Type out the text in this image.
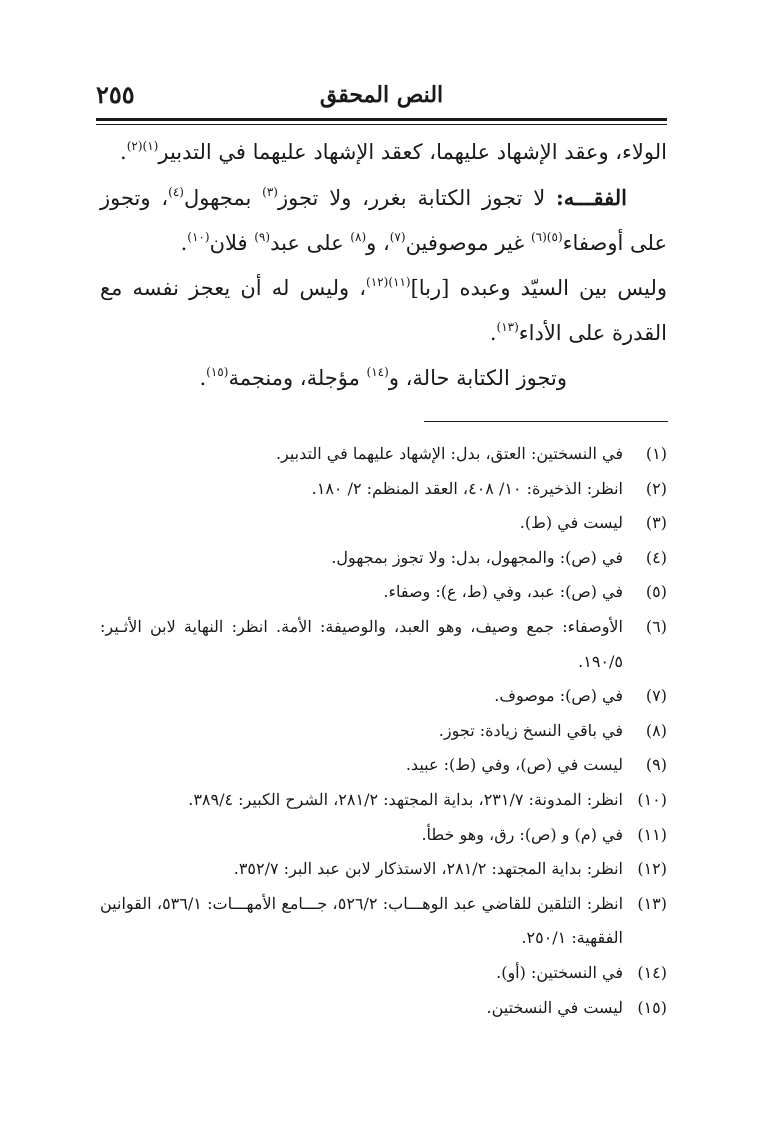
النص المحقق
٢٥٥

الولاء، وعقد الإشهاد عليهما، كعقد الإشهاد عليهما في التدبير$^{(١)(٢)}$.

الفقـــه: لا تجوز الكتابة بغرر، ولا تجوز$^{(٣)}$ بمجهول$^{(٤)}$، وتجوز على أوصفاء$^{(٥)(٦)}$ غير موصوفين$^{(٧)}$، و$^{(٨)}$ على عبد$^{(٩)}$ فلان$^{(١٠)}$.

وليس بين السيّد وعبده [ربا]$^{(١١)(١٢)}$، وليس له أن يعجز نفسه مع القدرة على الأداء$^{(١٣)}$.

وتجوز الكتابة حالة، و$^{(١٤)}$ مؤجلة، ومنجمة$^{(١٥)}$.

(١)
في النسختين: العتق، بدل: الإشهاد عليهما في التدبير.
(٢)
انظر: الذخيرة: ١٠/ ٤٠٨، العقد المنظم: ٢/ ١٨٠.
(٣)
ليست في (ط).
(٤)
في (ص): والمجهول، بدل: ولا تجوز بمجهول.
(٥)
في (ص): عبد، وفي (ط، ع): وصفاء.
(٦)
الأوصفاء: جمع وصيف، وهو العبد، والوصيفة: الأمة. انظر: النهاية لابن الأثـير: ١٩٠/٥.
(٧)
في (ص): موصوف.
(٨)
في باقي النسخ زيادة: تجوز.
(٩)
ليست في (ص)، وفي (ط): عبيد.
(١٠)
انظر: المدونة: ٢٣١/٧، بداية المجتهد: ٢٨١/٢، الشرح الكبير: ٣٨٩/٤.
(١١)
في (م) و (ص): رق، وهو خطأ.
(١٢)
انظر: بداية المجتهد: ٢٨١/٢، الاستذكار لابن عبد البر: ٣٥٢/٧.
(١٣)
انظر: التلقين للقاضي عبد الوهـــاب: ٥٢٦/٢، جـــامع الأمهـــات: ٥٣٦/١، القوانين الفقهية: ٢٥٠/١.
(١٤)
في النسختين: (أو).
(١٥)
ليست في النسختين.
